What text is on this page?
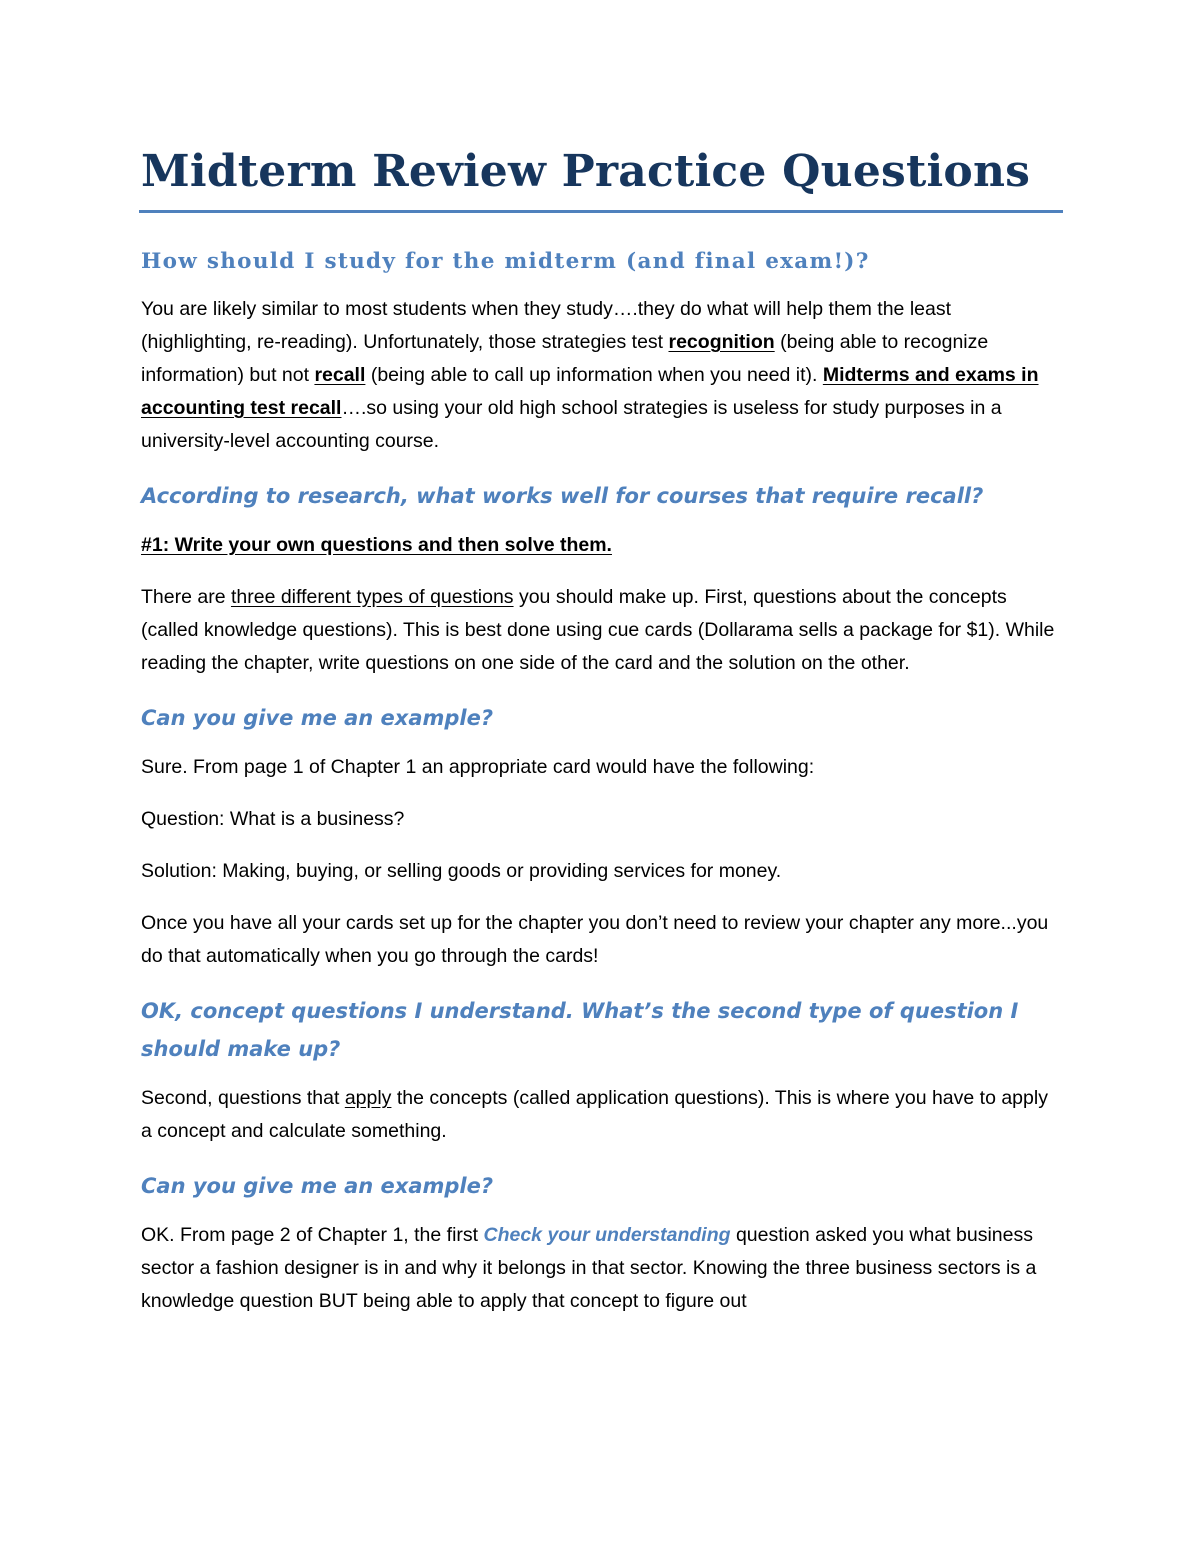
Midterm Review Practice Questions
How should I study for the midterm (and final exam!)?

You are likely similar to most students when they study….they do what will help them the least (highlighting, re-reading). Unfortunately, those strategies test recognition (being able to recognize information) but not recall (being able to call up information when you need it). Midterms and exams in accounting test recall….so using your old high school strategies is useless for study purposes in a university-level accounting course.

According to research, what works well for courses that require recall?

#1: Write your own questions and then solve them.

There are three different types of questions you should make up. First, questions about the concepts (called knowledge questions). This is best done using cue cards (Dollarama sells a package for $1). While reading the chapter, write questions on one side of the card and the solution on the other.

Can you give me an example?

Sure. From page 1 of Chapter 1 an appropriate card would have the following:

Question: What is a business?

Solution: Making, buying, or selling goods or providing services for money.

Once you have all your cards set up for the chapter you don’t need to review your chapter any more...you do that automatically when you go through the cards!

OK, concept questions I understand. What’s the second type of question I should make up?

Second, questions that apply the concepts (called application questions). This is where you have to apply a concept and calculate something.

Can you give me an example?

OK. From page 2 of Chapter 1, the first Check your understanding question asked you what business sector a fashion designer is in and why it belongs in that sector. Knowing the three business sectors is a knowledge question BUT being able to apply that concept to figure out
